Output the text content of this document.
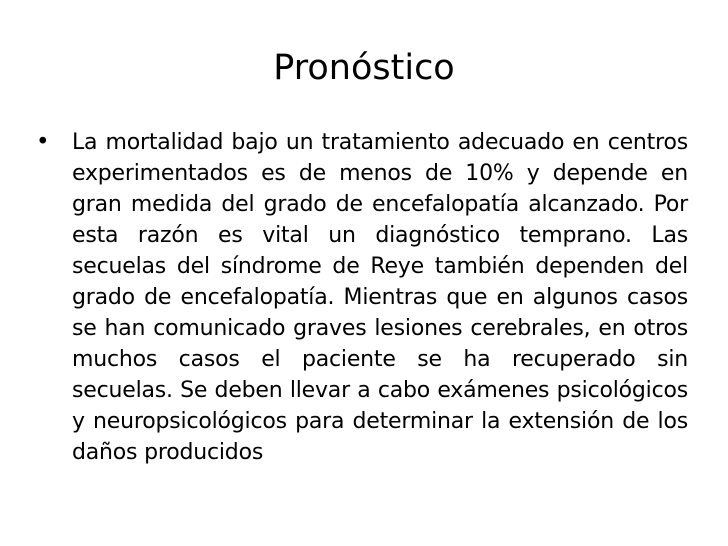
Pronóstico
• La mortalidad bajo un tratamiento adecuado en centros experimentados es de menos de 10% y depende en gran medida del grado de encefalopatía alcanzado. Por esta razón es vital un diagnóstico temprano. Las secuelas del síndrome de Reye también dependen del grado de encefalopatía. Mientras que en algunos casos se han comunicado graves lesiones cerebrales, en otros muchos casos el paciente se ha recuperado sin secuelas. Se deben llevar a cabo exámenes psicológicos y neuropsicológicos para determinar la extensión de los daños producidos
